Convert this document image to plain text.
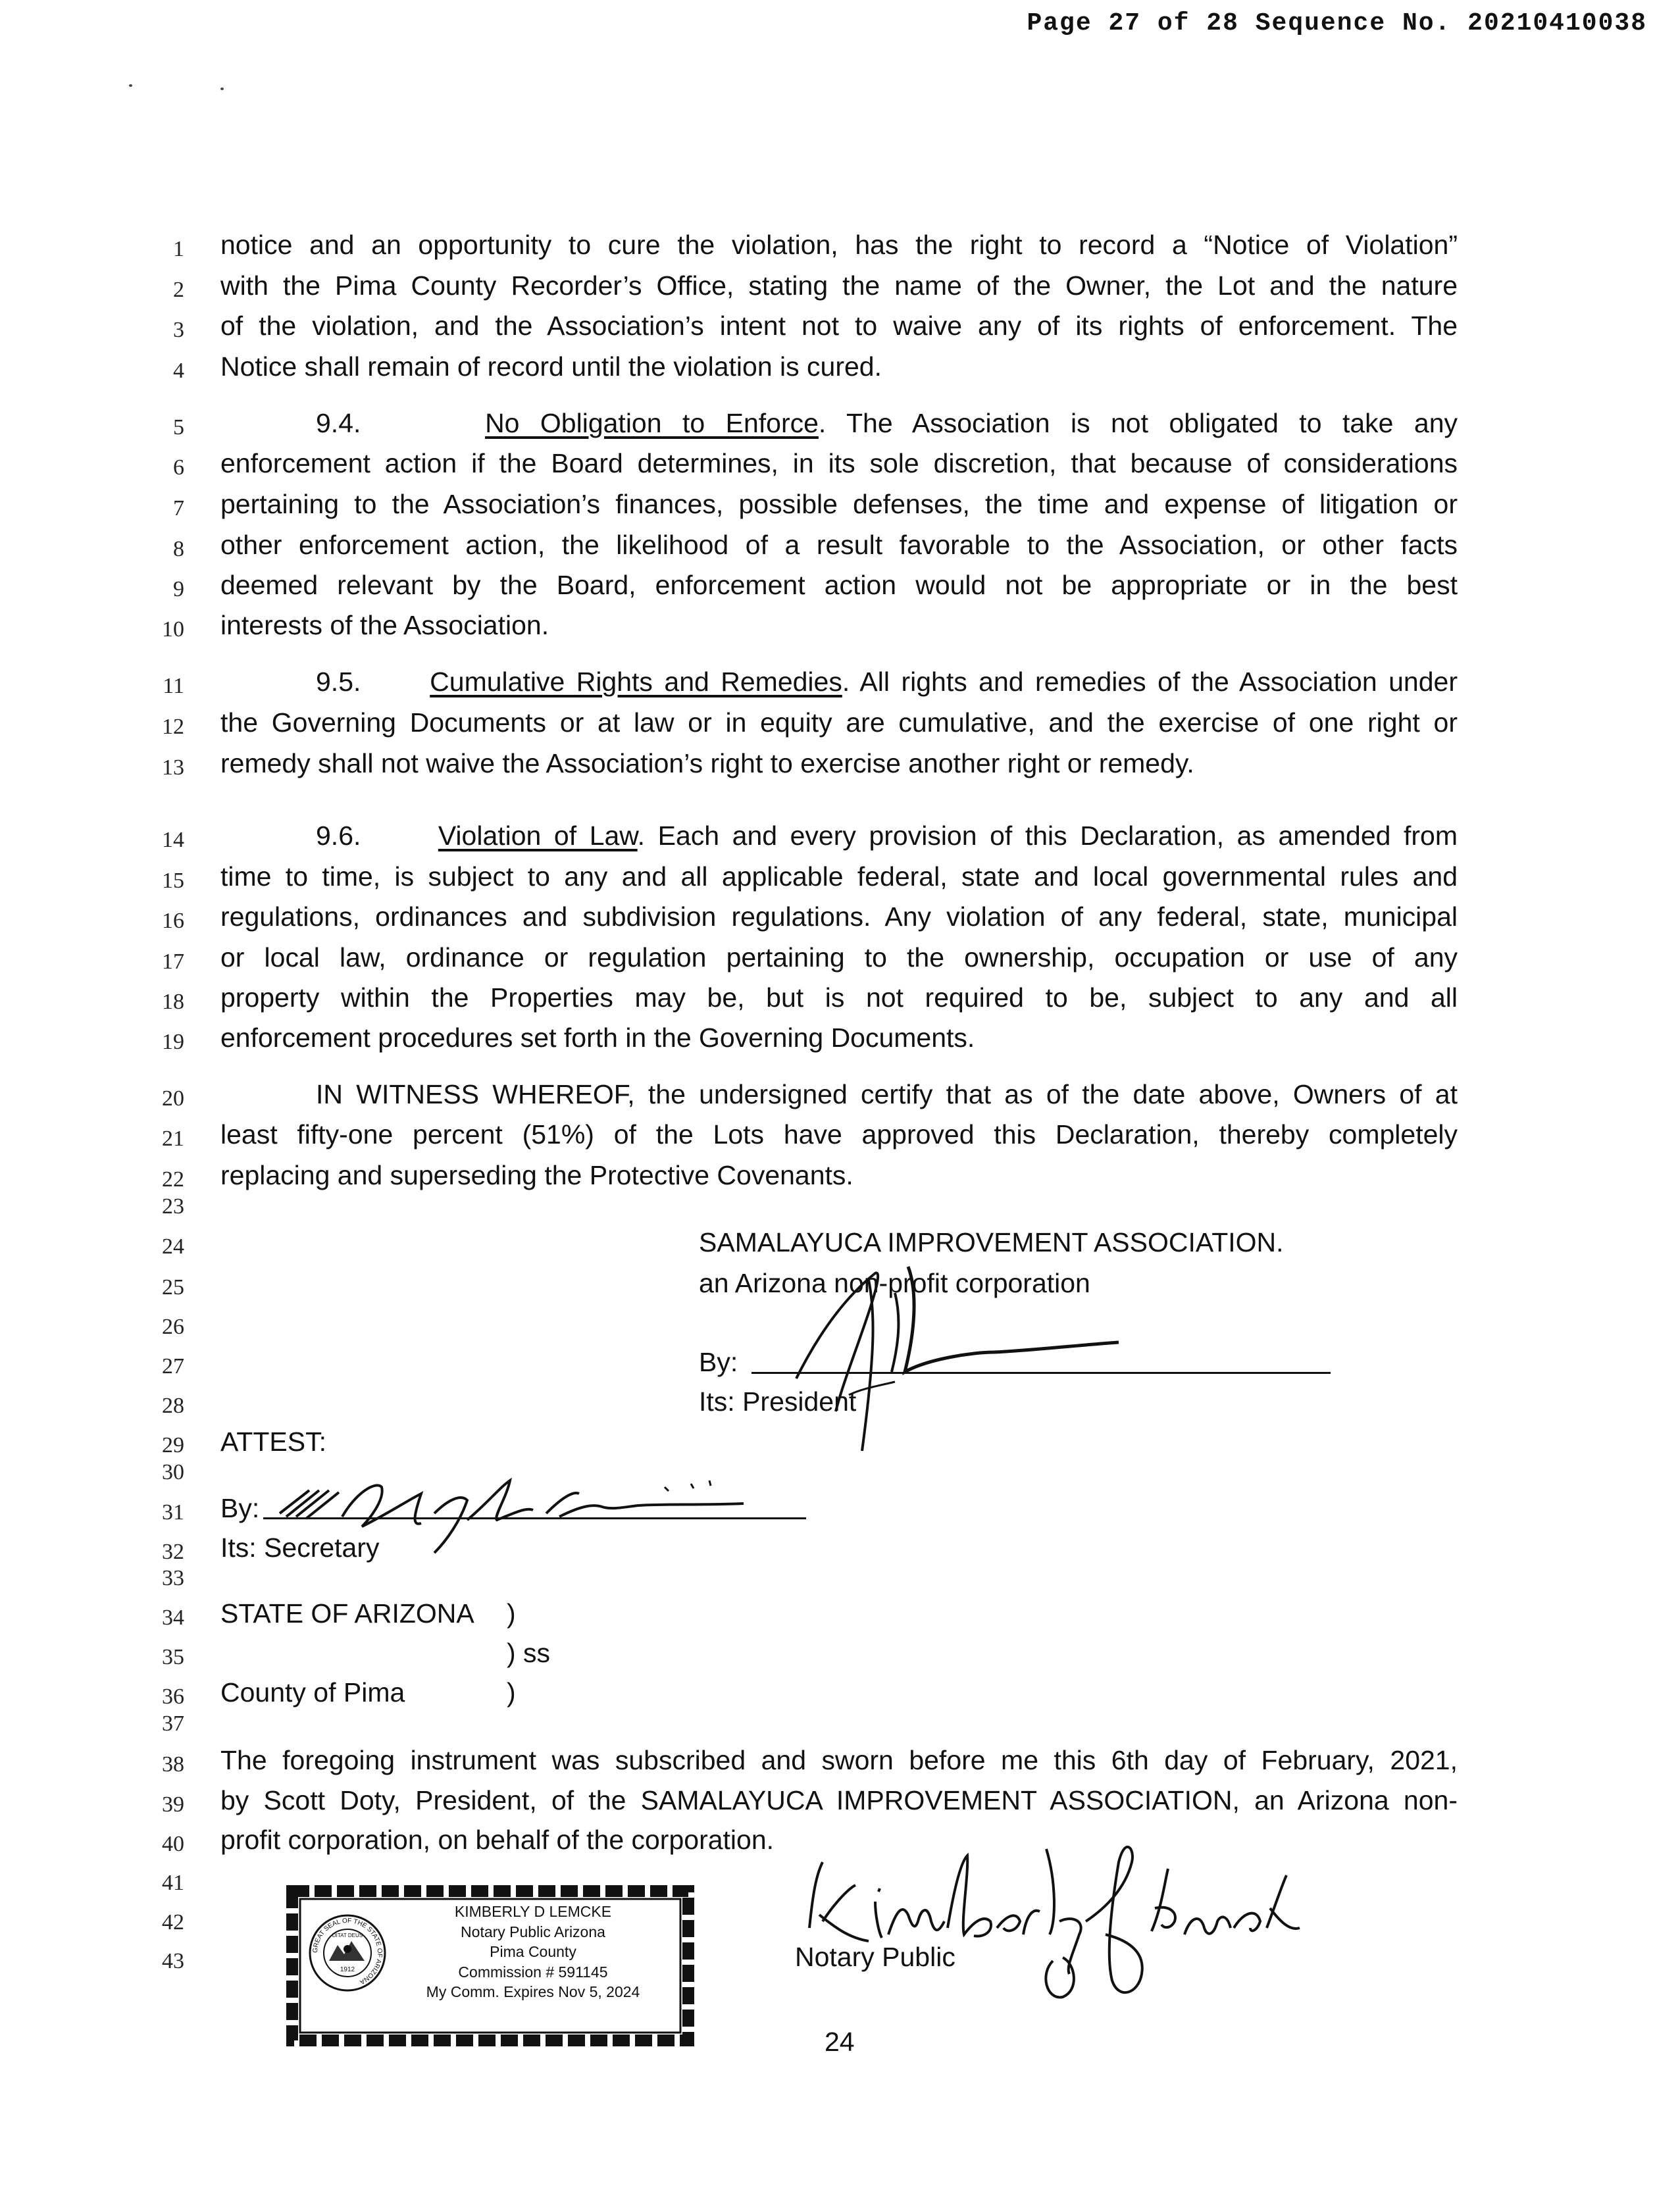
Page 27 of 28 Sequence No. 20210410038
1
2
3
4
5
6
7
8
9
10
11
12
13
14
15
16
17
18
19
20
21
22
23
24
25
26
27
28
29
30
31
32
33
34
35
36
37
38
39
40
41
42
43
notice and an opportunity to cure the violation, has the right to record a “Notice of Violation”
with the Pima County Recorder’s Office, stating the name of the Owner, the Lot and the nature
of the violation, and the Association’s intent not to waive any of its rights of enforcement. The
Notice shall remain of record until the violation is cured.
9.4.	No Obligation to Enforce. The Association is not obligated to take any
enforcement action if the Board determines, in its sole discretion, that because of considerations
pertaining to the Association’s finances, possible defenses, the time and expense of litigation or
other enforcement action, the likelihood of a result favorable to the Association, or other facts
deemed relevant by the Board, enforcement action would not be appropriate or in the best
interests of the Association.
9.5.	Cumulative Rights and Remedies. All rights and remedies of the Association under
the Governing Documents or at law or in equity are cumulative, and the exercise of one right or
remedy shall not waive the Association’s right to exercise another right or remedy.
9.6.	Violation of Law. Each and every provision of this Declaration, as amended from
time to time, is subject to any and all applicable federal, state and local governmental rules and
regulations, ordinances and subdivision regulations. Any violation of any federal, state, municipal
or local law, ordinance or regulation pertaining to the ownership, occupation or use of any
property within the Properties may be, but is not required to be, subject to any and all
enforcement procedures set forth in the Governing Documents.
IN WITNESS WHEREOF, the undersigned certify that as of the date above, Owners of at
least fifty-one percent (51%) of the Lots have approved this Declaration, thereby completely
replacing and superseding the Protective Covenants.
SAMALAYUCA IMPROVEMENT ASSOCIATION.
an Arizona non-profit corporation
By:
Its: President
ATTEST:
By:
Its: Secretary
STATE OF ARIZONA )
) ss
County of Pima	)
The foregoing instrument was subscribed and sworn before me this 6th day of February, 2021,
by Scott Doty, President, of the SAMALAYUCA IMPROVEMENT ASSOCIATION, an Arizona non-
profit corporation, on behalf of the corporation.
Notary Public
GREAT SEAL OF THE STATE OF ARIZONA
DITAT DEUS
1912
KIMBERLY D LEMCKE
Notary Public Arizona
Pima County
Commission # 591145
My Comm. Expires Nov 5, 2024
24
